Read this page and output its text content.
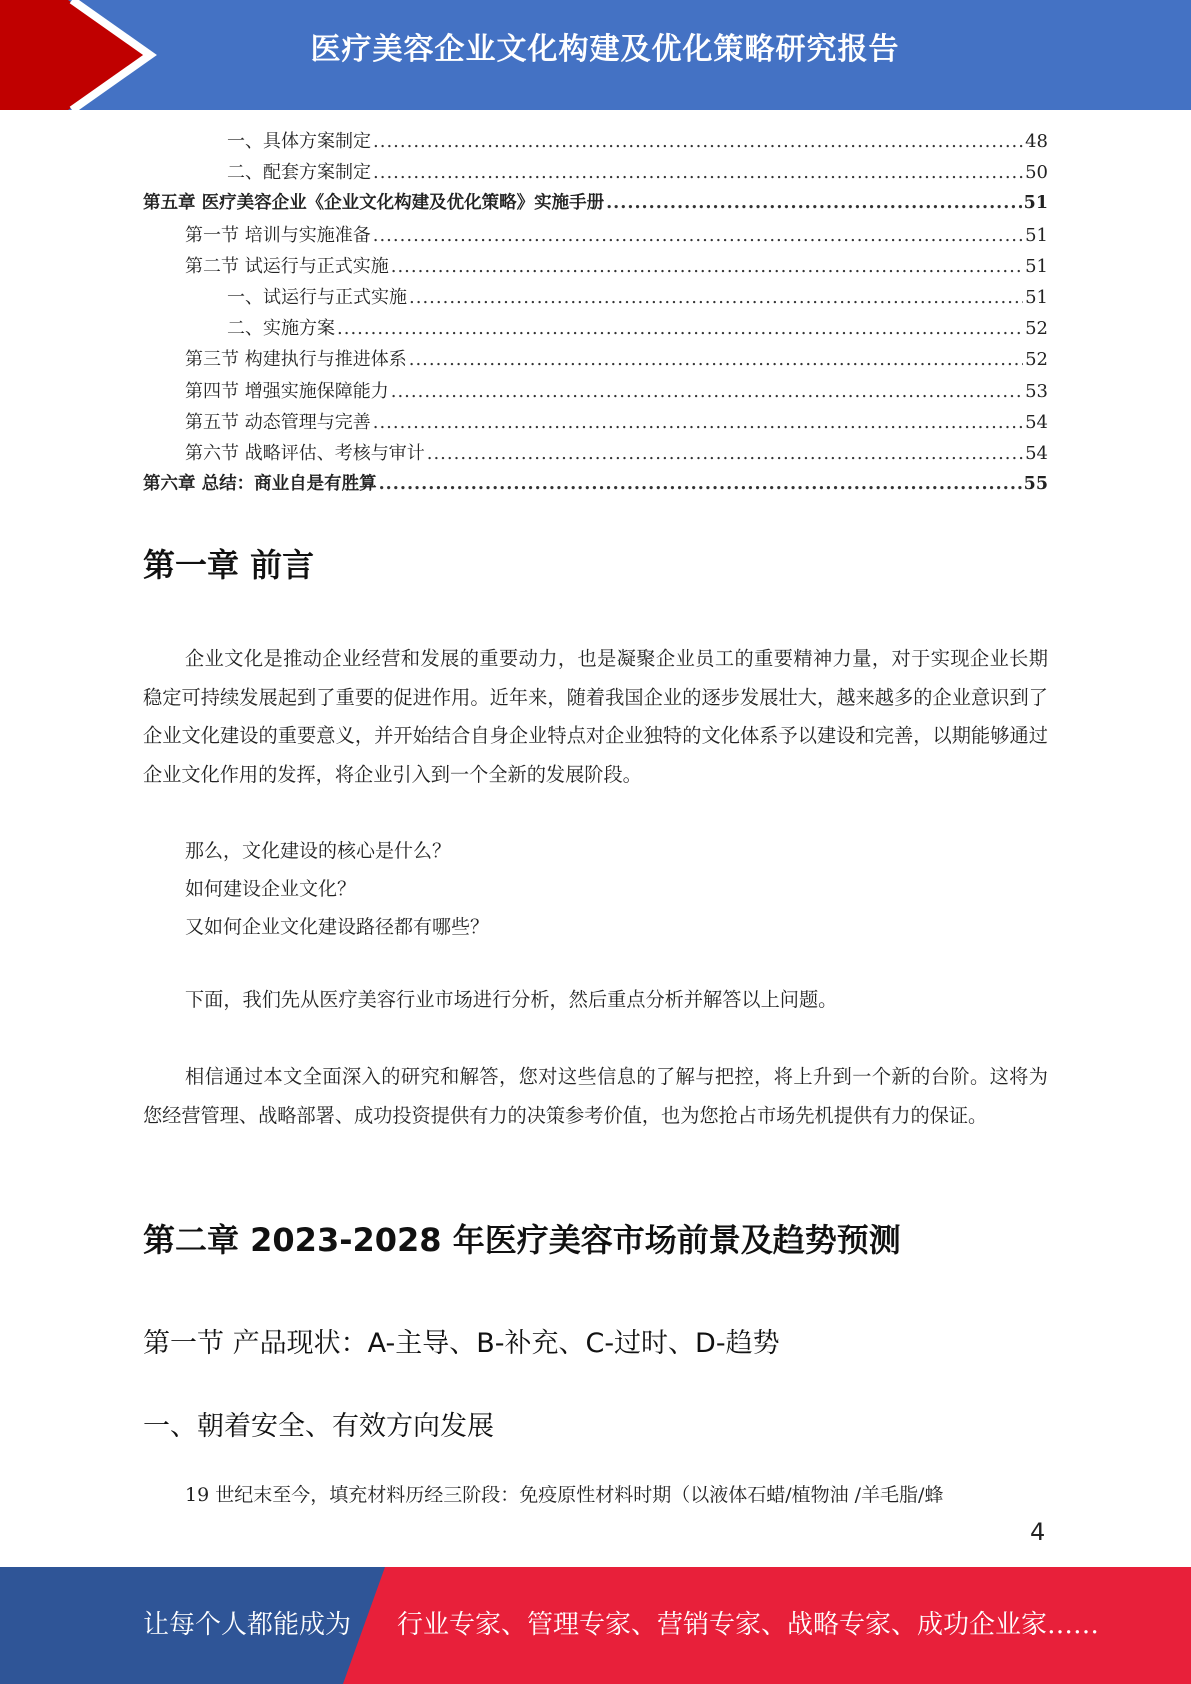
医疗美容企业文化构建及优化策略研究报告
一、具体方案制定 .....	48
二、配套方案制定 .....	50
第五章 医疗美容企业《企业文化构建及优化策略》实施手册 .....	51
第一节 培训与实施准备 .....	51
第二节 试运行与正式实施 .....	51
一、试运行与正式实施 .....	51
二、实施方案 .....	52
第三节 构建执行与推进体系 .....	52
第四节 增强实施保障能力 .....	53
第五节 动态管理与完善 .....	54
第六节 战略评估、考核与审计 .....	54
第六章 总结：商业自是有胜算 .....	55
第一章 前言
企业文化是推动企业经营和发展的重要动力，也是凝聚企业员工的重要精神力量，对于实现企业长期稳定可持续发展起到了重要的促进作用。近年来，随着我国企业的逐步发展壮大，越来越多的企业意识到了企业文化建设的重要意义，并开始结合自身企业特点对企业独特的文化体系予以建设和完善，以期能够通过企业文化作用的发挥，将企业引入到一个全新的发展阶段。
那么，文化建设的核心是什么？
如何建设企业文化？
又如何企业文化建设路径都有哪些？
下面，我们先从医疗美容行业市场进行分析，然后重点分析并解答以上问题。
相信通过本文全面深入的研究和解答，您对这些信息的了解与把控，将上升到一个新的台阶。这将为您经营管理、战略部署、成功投资提供有力的决策参考价值，也为您抢占市场先机提供有力的保证。
第二章 2023-2028 年医疗美容市场前景及趋势预测
第一节 产品现状：A-主导、B-补充、C-过时、D-趋势
一、朝着安全、有效方向发展
19 世纪末至今，填充材料历经三阶段：免疫原性材料时期（以液体石蜡/植物油 /羊毛脂/蜂
4
让每个人都能成为 行业专家、管理专家、营销专家、战略专家、成功企业家……
